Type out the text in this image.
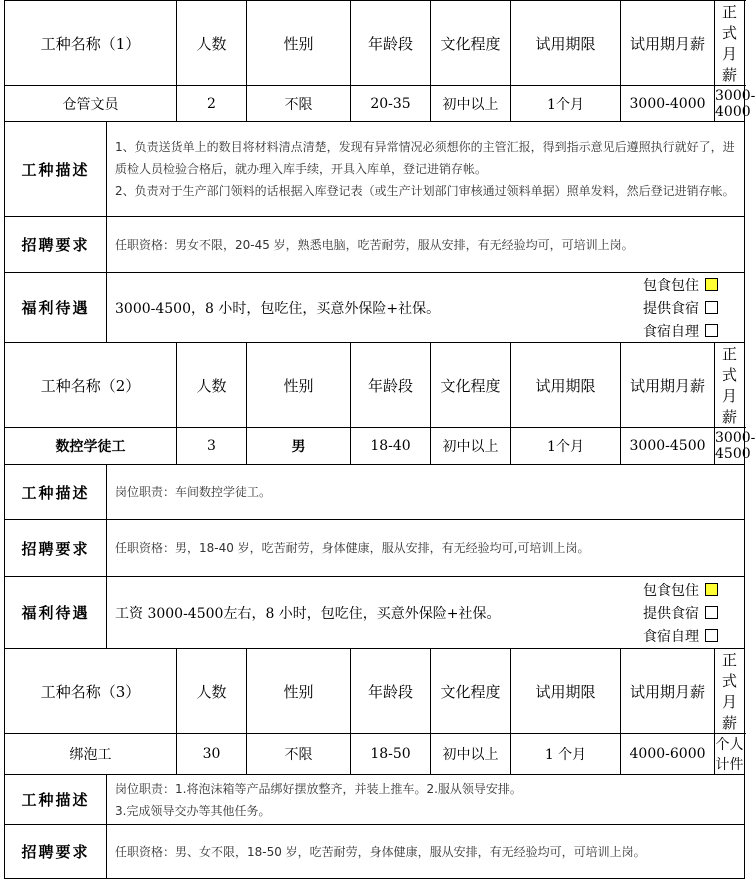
工种名称（1）		人数	性别	年龄段	文化程度	试用期限	试用期月薪	正式月薪
仓管文员		2	不限	20-35	初中以上	1个月	3000-4000	3000-4000
工种描述	1、负责送货单上的数目将材料清点清楚，发现有异常情况必须想你的主管汇报，得到指示意见后遵照执行就好了，进质检人员检验合格后，就办理入库手续，开具入库单，登记进销存帐。

2、负责对于生产部门领料的话根据入库登记表（或生产计划部门审核通过领料单据）照单发料，然后登记进销存帐。							

招聘要求	任职资格：男女不限，20-45 岁，熟悉电脑，吃苦耐劳，服从安排，有无经验均可，可培训上岗。							
福利待遇	3000-4500，8 小时，包吃住，买意外保险+社保。
包食包住
提供食宿
食宿自理							

工种名称（2）		人数	性别	年龄段	文化程度	试用期限	试用期月薪	正式月薪
数控学徒工		3	男	18-40	初中以上	1个月	3000-4500	3000-4500
工种描述	岗位职责：车间数控学徒工。							
招聘要求	任职资格：男，18-40 岁，吃苦耐劳，身体健康，服从安排，有无经验均可,可培训上岗。							
福利待遇	工资 3000-4500左右，8 小时，包吃住，买意外保险+社保。
包食包住
提供食宿
食宿自理							

工种名称（3）		人数	性别	年龄段	文化程度	试用期限	试用期月薪	正式月薪
绑泡工		30	不限	18-50	初中以上	1 个月	4000-6000	个人计件
工种描述	岗位职责：1.将泡沫箱等产品绑好摆放整齐，并装上推车。2.服从领导安排。

3.完成领导交办等其他任务。							

招聘要求	任职资格：男、女不限，18-50 岁，吃苦耐劳，身体健康，服从安排，有无经验均可，可培训上岗。							
